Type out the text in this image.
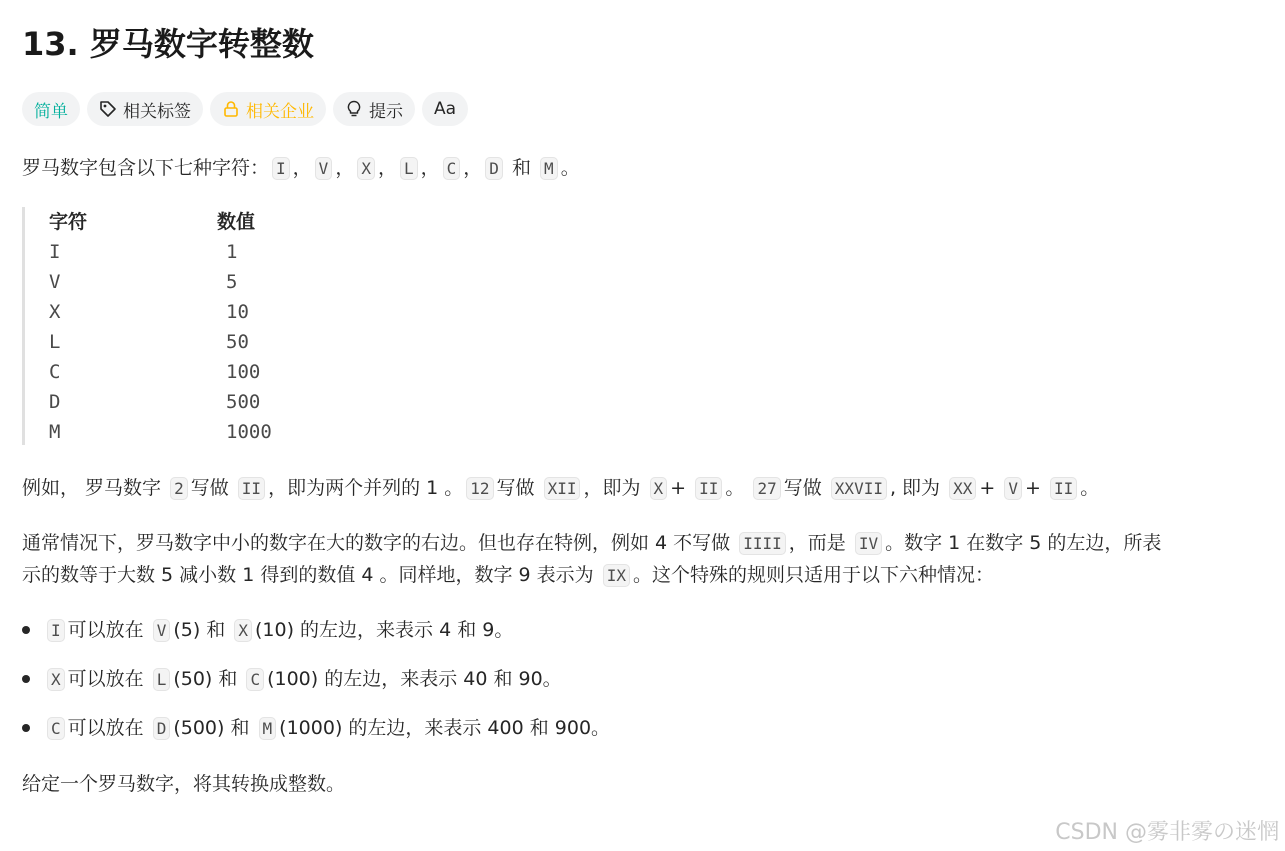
13. 罗马数字转整数
简单	相关标签	相关企业	提示 Aa
罗马数字包含以下七种字符： I ， V ， X ， L ， C ， D 和 M 。
字符	数值
I	1
V	5
X	10
L	50
C	100
D	500
M	1000
例如， 罗马数字 2 写做 II ，即为两个并列的 1 。 12 写做 XII ，即为 X + II 。 27 写做 XXVII , 即为 XX + V + II 。
通常情况下，罗马数字中小的数字在大的数字的右边。但也存在特例，例如 4 不写做 IIII ，而是 IV 。数字 1 在数字 5 的左边，所表
示的数等于大数 5 减小数 1 得到的数值 4 。同样地，数字 9 表示为 IX 。这个特殊的规则只适用于以下六种情况：
I 可以放在 V (5) 和 X (10) 的左边，来表示 4 和 9。
X 可以放在 L (50) 和 C (100) 的左边，来表示 40 和 90。
C 可以放在 D (500) 和 M (1000) 的左边，来表示 400 和 900。
给定一个罗马数字，将其转换成整数。
CSDN @雾非雾の迷惘
